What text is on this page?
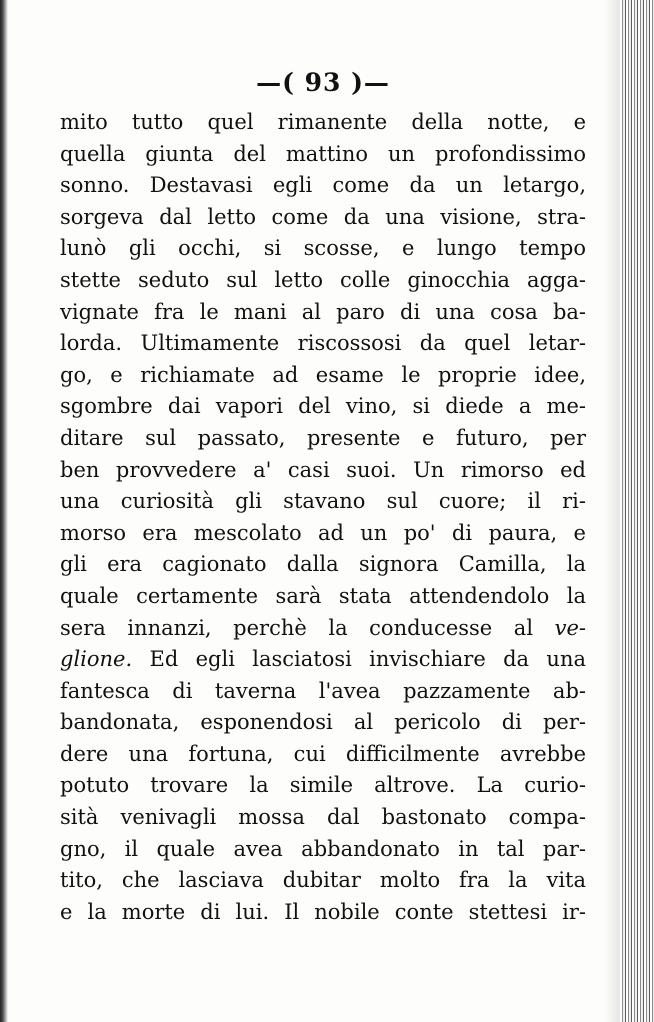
—( 93 )—
mito tutto quel rimanente della notte, e
quella giunta del mattino un profondissimo
sonno. Destavasi egli come da un letargo,
sorgeva dal letto come da una visione, stra-
lunò gli occhi, si scosse, e lungo tempo
stette seduto sul letto colle ginocchia agga-
vignate fra le mani al paro di una cosa ba-
lorda. Ultimamente riscossosi da quel letar-
go, e richiamate ad esame le proprie idee,
sgombre dai vapori del vino, si diede a me-
ditare sul passato, presente e futuro, per
ben provvedere a' casi suoi. Un rimorso ed
una curiosità gli stavano sul cuore; il ri-
morso era mescolato ad un po' di paura, e
gli era cagionato dalla signora Camilla, la
quale certamente sarà stata attendendolo la
sera innanzi, perchè la conducesse al ve-
glione. Ed egli lasciatosi invischiare da una
fantesca di taverna l'avea pazzamente ab-
bandonata, esponendosi al pericolo di per-
dere una fortuna, cui difficilmente avrebbe
potuto trovare la simile altrove. La curio-
sità venivagli mossa dal bastonato compa-
gno, il quale avea abbandonato in tal par-
tito, che lasciava dubitar molto fra la vita
e la morte di lui. Il nobile conte stettesi ir-
